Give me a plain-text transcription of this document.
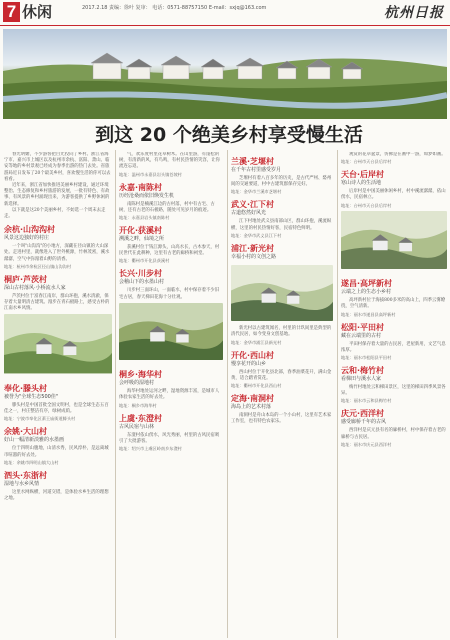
7 休闲	2017.2.18 责编：徐叶 复审： 电话：0571-88757150 E-mail：sxjq@163.com	杭州日报
到这 20 个绝美乡村享受慢生活
春光明媚，不少游客把目光投向了乡村。浙江省海宁市、嘉兴市上城区以及杭州市余杭、富阳、萧山、临安等地的乡村景观已经成为春季出游的热门去处。省旅游局近日发布了20个最美乡村，喜欢慢生活的你可以去看看。
近年来，浙江省加快推进美丽乡村建设，通过环境整治、生态修复和乡村旅游的发展，一批有特色、有故事、有风景的乡村涌现出来，为游客提供了乡野休闲的新选择。
以下就是这20个美丽乡村，不妨选一个周末去走走。
余杭·山沟沟村
风景这边独好的村庄
一个叫"山沟沟"的小地方，深藏在径山镇的大山深处。走进村里，就像进入了世外桃源，竹林茂密，溪水潺潺，空气中弥漫着山野的清香。
地址：杭州市余杭区径山镇山沟沟村
桐庐·芦茨村
深山古村落风·小桥流水人家
芦茨村位于富春江南岸，群山环抱，溪水清澈，保存着大量明清古建筑。漫步在青石板路上，感受古朴的江南水乡风情。
奉化·滕头村
被誉为"全球生态500佳"
滕头村是中国首批全国文明村，也是全球生态五百佳之一，村庄整洁有序，绿树成荫。
地址：宁波市奉化区萧王庙街道滕头村
余姚·大山村
好山一幅清新淡雅的水墨画
位于四明山腹地，山清水秀，民风淳朴，是远离城市喧嚣的好去处。
地址：余姚市四明山镇大山村
泗头·东浙村
湿地与水乡风情
这里水网纵横，河道交错，是体验水乡生活的理想之地。
气，欢乐度村里花草树木。在山里游，有蓬松的树，有清新的风，有鸟鸣，有村民热情的笑容，让你流连忘返。
地址：温州市永嘉县岩头镇苍坡村
永嘉·南陈村
历经沧桑而依旧焕发生机
南陈村是楠溪江边的古村落，村中有古宅、古树，还有古老的石板路，随处可见岁月的痕迹。
地址：永嘉县岩头镇南陈村
开化·获溪村
溯溪之畔，仙境之所
获溪村位于钱江源头，山高水长，古木参天，村民世代在此耕种，这里有古老的廊桥和祠堂。
地址：衢州市开化县获溪村
长兴·川步村
会稽山下的水墨山村
川步村三面环山，一面临水，村中保存着不少旧宅古居，春天梯田花海十分壮观。
桐乡·海华村
会呼吸的湿地村
海华村地处运河之畔，湿地资源丰富，是城市人体验农家生活的好去处。
地址：桐乡市海华村
上虞·东澄村
古风民宿与山林
东澄村依山傍水，风光秀丽，村里的古风民宿吸引了大批游客。
地址：绍兴市上虞区岭南乡东澄村
兰溪·芝堰村
在千年古村里感受岁月
芝堰村有着八百多年的历史，是古代严州、婺州间的交通要道，村中古建筑群保存完好。
地址：金华市兰溪市芝堰村
武义·江下村
古道悠然好风光
江下村地处武义县南部山区，群山环抱，溪流纵横，这里的村民热情好客，民宿特色鲜明。
地址：金华市武义县江下村
浦江·新光村
幸福小村的文创之路
新光村以古建筑闻名，村里的廿玖间里是典型的清代民居，如今变身文创基地。
地址：金华市浦江县新光村
开化·西山村
慢享花开的山乡
西山村位于开化县北部，春季油菜花开，满山金黄，适合踏青赏花。
地址：衢州市开化县西山村
定海·南洞村
海岛上的艺术村落
南洞村是舟山本岛的一个小山村，这里有艺术家工作室，也有特色农家乐。
观赏的花草盆景，仿佛是在画中一游，如梦如画。
地址：台州市天台县后岸村
天台·后岸村
寒山诗人的生活地
后岸村是中国美丽休闲乡村，村中溪流潺潺，依山傍水，民宿林立。
地址：台州市天台县后岸村
遂昌·高坪新村
云端之上的生态小乡村
高坪新村位于海拔800多米的高山上，四季云雾缭绕，空气清新。
地址：丽水市遂昌县高坪新村
松阳·平田村
藏在云端里的古村
平田村保存着大量的古民居，老屋新用，文艺气息浓厚。
地址：丽水市松阳县平田村
云和·梅竹村
看梯田与溪水人家
梅竹村地处云和梯田景区，这里的梯田四季风景各异。
地址：丽水市云和县梅竹村
庆元·西洋村
感受廊桥千年的古风
西洋村是庆元县有名的廊桥村，村中保存着古老的廊桥与古民居。
地址：丽水市庆元县西洋村
